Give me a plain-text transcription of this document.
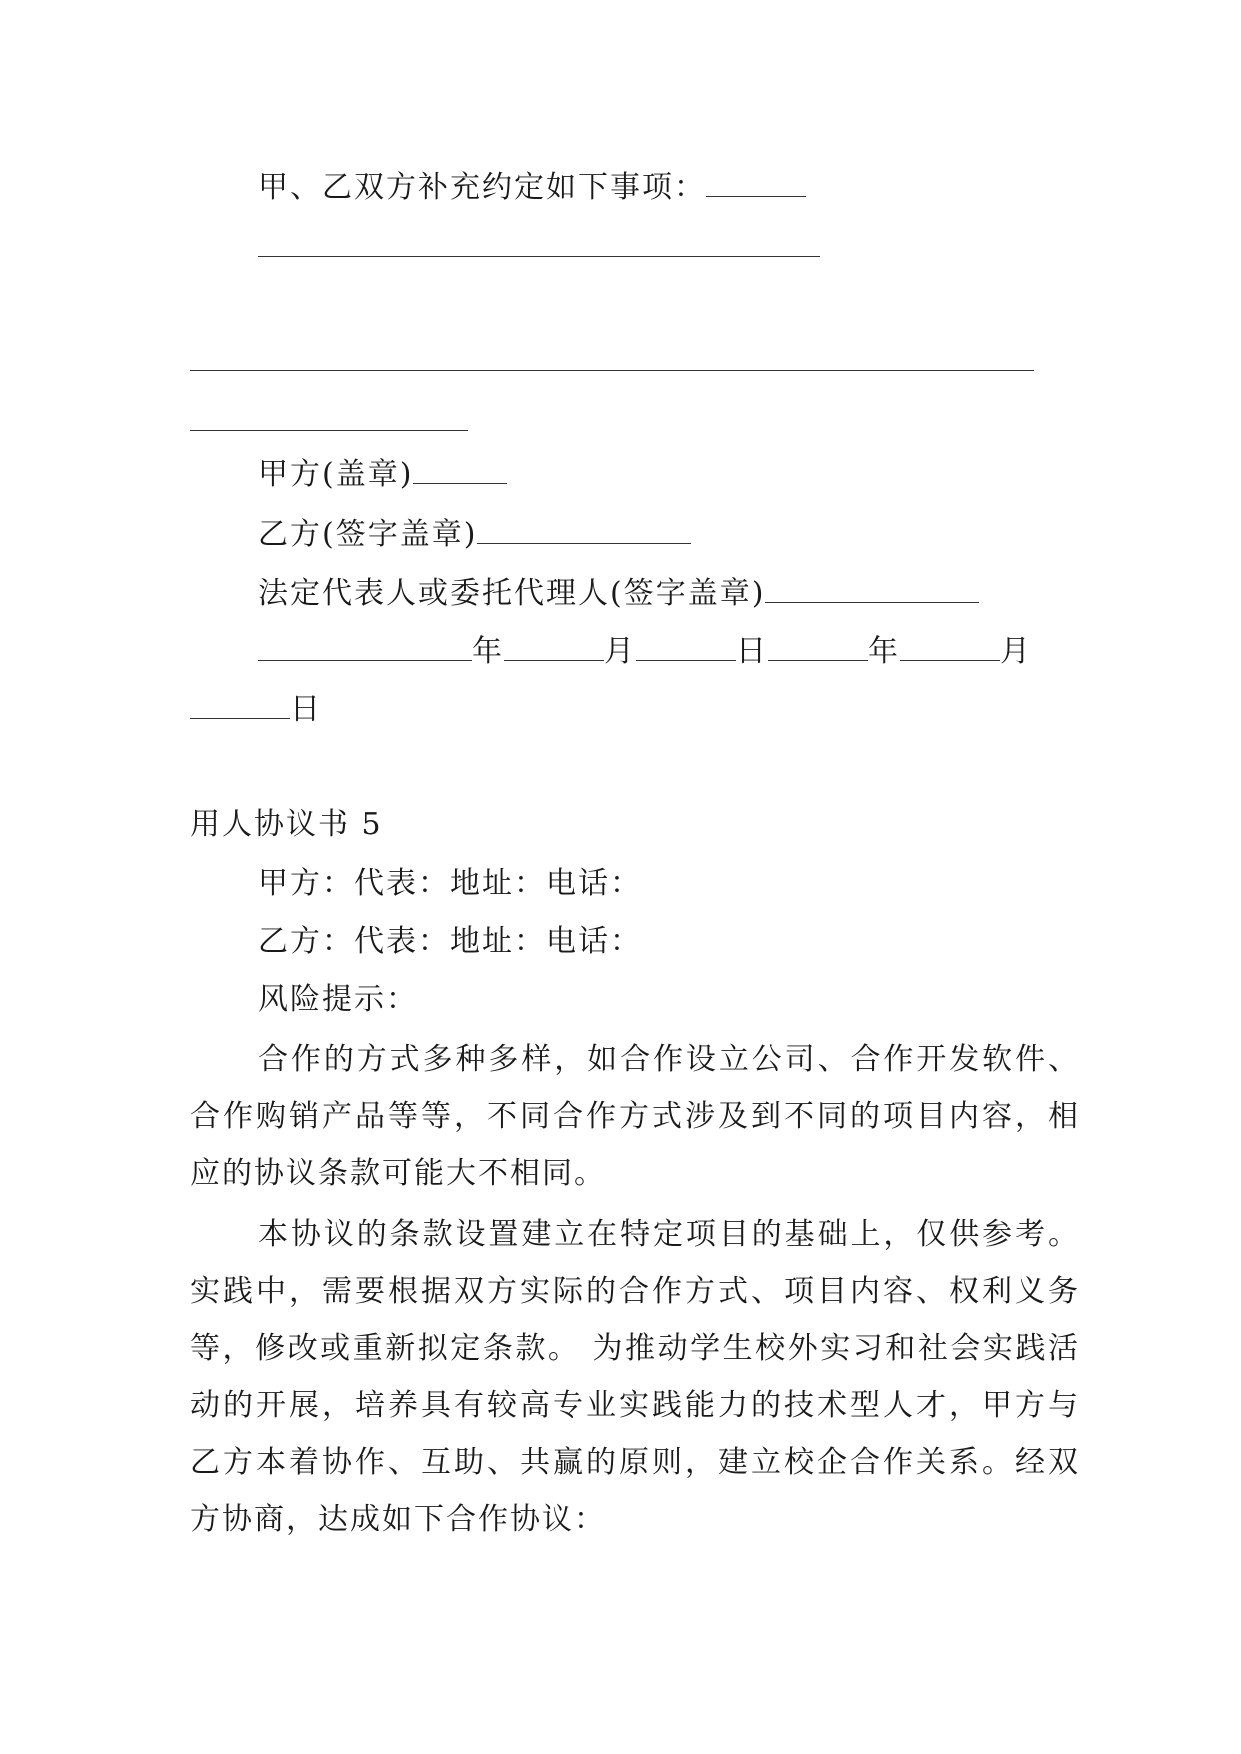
甲、乙双方补充约定如下事项：
甲方(盖章)
乙方(签字盖章)
法定代表人或委托代理人(签字盖章)
年	月	日	年	月
日
用人协议书 5
甲方：代表：地址：电话：
乙方：代表：地址：电话：
风险提示：
合作的方式多种多样，如合作设立公司、合作开发软件、合作购销产品等等，不同合作方式涉及到不同的项目内容，相应的协议条款可能大不相同。
本协议的条款设置建立在特定项目的基础上，仅供参考。实践中，需要根据双方实际的合作方式、项目内容、权利义务等，修改或重新拟定条款。 为推动学生校外实习和社会实践活动的开展，培养具有较高专业实践能力的技术型人才，甲方与乙方本着协作、互助、共赢的原则，建立校企合作关系。经双方协商，达成如下合作协议：
